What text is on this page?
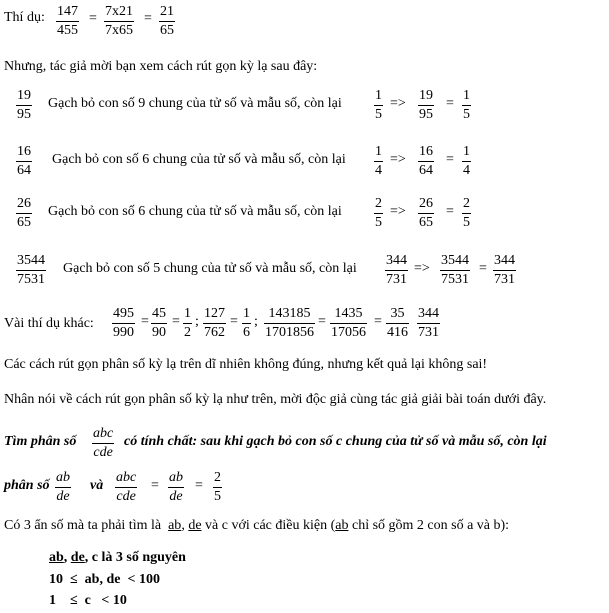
Thí dụ: $\frac{147}{455} = \frac{7x21}{7x65} = \frac{21}{65}$
Nhưng, tác giả mời bạn xem cách rút gọn kỳ lạ sau đây:
$\frac{19}{95}$ Gạch bỏ con số 9 chung của tử số và mẫu số, còn lại $\frac{1}{5} => \frac{19}{95} = \frac{1}{5}$
$\frac{16}{64}$ Gạch bỏ con số 6 chung của tử số và mẫu số, còn lại $\frac{1}{4} => \frac{16}{64} = \frac{1}{4}$
$\frac{26}{65}$ Gạch bỏ con số 6 chung của tử số và mẫu số, còn lại $\frac{2}{5} => \frac{26}{65} = \frac{2}{5}$
$\frac{3544}{7531}$ Gạch bỏ con số 5 chung của tử số và mẫu số, còn lại $\frac{344}{731} => \frac{3544}{7531} = \frac{344}{731}$
Vài thí dụ khác: $\frac{495}{990} = \frac{45}{90} = \frac{1}{2}$ ; $\frac{127}{762} = \frac{1}{6}$ ; $\frac{143185}{1701856} = \frac{1435}{17056} = \frac{35}{416} \frac{344}{731}$
Các cách rút gọn phân số kỳ lạ trên dĩ nhiên không đúng, nhưng kết quả lại không sai!
Nhân nói về cách rút gọn phân số kỳ lạ như trên, mời độc giả cùng tác giả giải bài toán dưới đây.
Tìm phân số
abc
cde
có tính chất: sau khi gạch bỏ con số c chung của tử số và mẫu số, còn lại
phân số $\frac{ab}{de}$ và
abc
cde
= $\frac{ab}{de} = \frac{2}{5}$
Có 3 ẩn số mà ta phải tìm là ab, de và c với các điều kiện (ab chỉ số gồm 2 con số a và b):
ab, de, c là 3 số nguyên
10  ≤  ab, de  < 100
1    ≤  c   < 10
